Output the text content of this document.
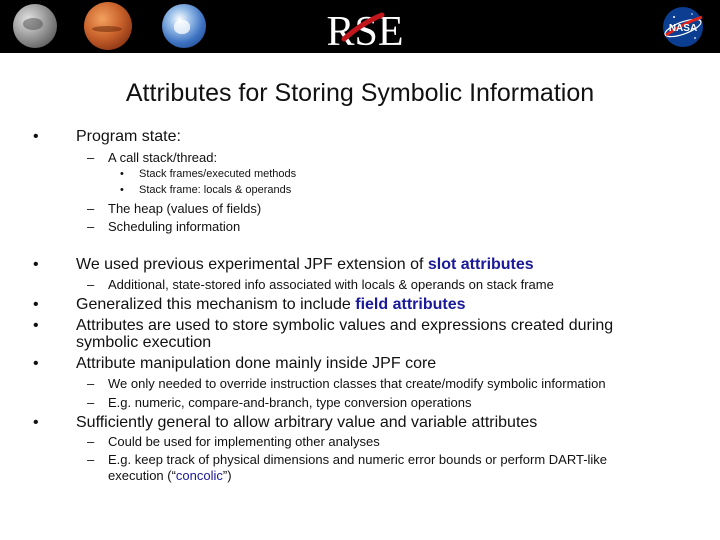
RSE	NASA
Attributes for Storing Symbolic Information
• Program state:
– A call stack/thread:
• Stack frames/executed methods
• Stack frame: locals & operands
– The heap (values of fields)
– Scheduling information
• We used previous experimental JPF extension of slot attributes
– Additional, state-stored info associated with locals & operands on stack frame
• Generalized this mechanism to include field attributes
• Attributes are used to store symbolic values and expressions created during
symbolic execution
• Attribute manipulation done mainly inside JPF core
– We only needed to override instruction classes that create/modify symbolic information
– E.g. numeric, compare-and-branch, type conversion operations
• Sufficiently general to allow arbitrary value and variable attributes
– Could be used for implementing other analyses
– E.g. keep track of physical dimensions and numeric error bounds or perform DART-like
execution (“concolic”)
